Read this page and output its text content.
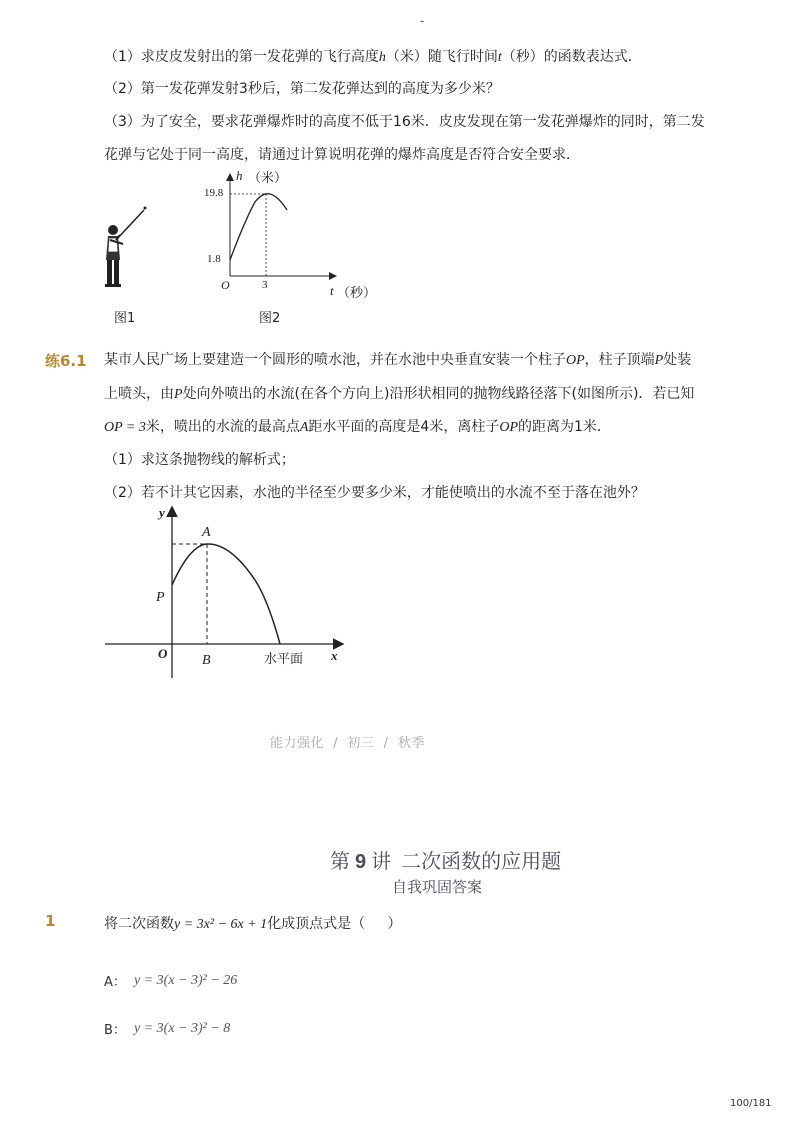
-
（1）求皮皮发射出的第一发花弹的飞行高度h（米）随飞行时间t（秒）的函数表达式．
（2）第一发花弹发射3秒后，第二发花弹达到的高度为多少米？
（3）为了安全，要求花弹爆炸时的高度不低于16米．皮皮发现在第一发花弹爆炸的同时，第二发
花弹与它处于同一高度，请通过计算说明花弹的爆炸高度是否符合安全要求．
图1
h （米）
19.8
1.8
O	3	t （秒）
图2
练6.1 某市人民广场上要建造一个圆形的喷水池，并在水池中央垂直安装一个柱子OP，柱子顶端P处装
上喷头，由P处向外喷出的水流(在各个方向上)沿形状相同的抛物线路径落下(如图所示)．若已知
OP = 3米，喷出的水流的最高点A距水平面的高度是4米，离柱子OP的距离为1米．
（1）求这条抛物线的解析式；
（2）若不计其它因素，水池的半径至少要多少米，才能使喷出的水流不至于落在池外？
y
A
P
O B	水平面 x
能力强化  /  初三  /  秋季

第 9 讲  二次函数的应用题

自我巩固答案
1	将二次函数y = 3x² − 6x + 1化成顶点式是（     ）
A： y = 3(x − 3)² − 26
B： y = 3(x − 3)² − 8
100/181
